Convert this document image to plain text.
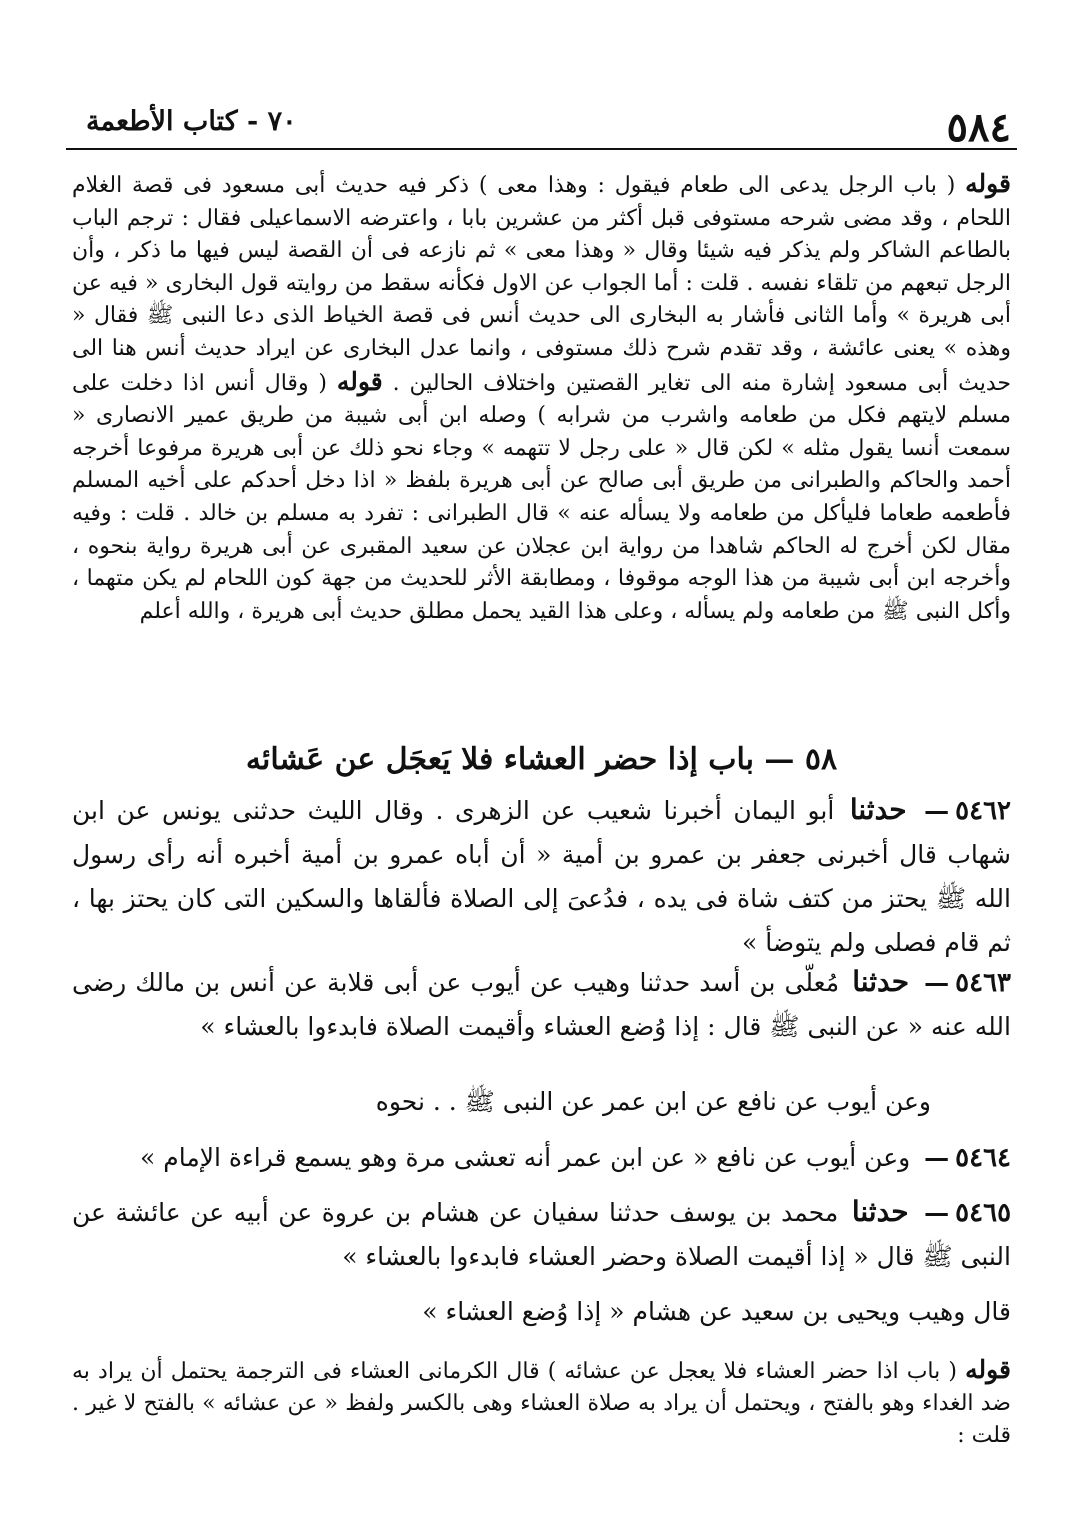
٥٨٤
٧٠ - كتاب الأطعمة
قوله ( باب الرجل يدعى الى طعام فيقول : وهذا معى ) ذكر فيه حديث أبى مسعود فى قصة الغلام اللحام ، وقد مضى شرحه مستوفى قبل أكثر من عشرين بابا ، واعترضه الاسماعيلى فقال : ترجم الباب بالطاعم الشاكر ولم يذكر فيه شيئا وقال « وهذا معى » ثم نازعه فى أن القصة ليس فيها ما ذكر ، وأن الرجل تبعهم من تلقاء نفسه . قلت : أما الجواب عن الاول فكأنه سقط من روايته قول البخارى « فيه عن أبى هريرة » وأما الثانى فأشار به البخارى الى حديث أنس فى قصة الخياط الذى دعا النبى ﷺ فقال « وهذه » يعنى عائشة ، وقد تقدم شرح ذلك مستوفى ، وانما عدل البخارى عن ايراد حديث أنس هنا الى حديث أبى مسعود إشارة منه الى تغاير القصتين واختلاف الحالين . قوله ( وقال أنس اذا دخلت على مسلم لايتهم فكل من طعامه واشرب من شرابه ) وصله ابن أبى شيبة من طريق عمير الانصارى « سمعت أنسا يقول مثله » لكن قال « على رجل لا تتهمه » وجاء نحو ذلك عن أبى هريرة مرفوعا أخرجه أحمد والحاكم والطبرانى من طريق أبى صالح عن أبى هريرة بلفظ « اذا دخل أحدكم على أخيه المسلم فأطعمه طعاما فليأكل من طعامه ولا يسأله عنه » قال الطبرانى : تفرد به مسلم بن خالد . قلت : وفيه مقال لكن أخرج له الحاكم شاهدا من رواية ابن عجلان عن سعيد المقبرى عن أبى هريرة رواية بنحوه ، وأخرجه ابن أبى شيبة من هذا الوجه موقوفا ، ومطابقة الأثر للحديث من جهة كون اللحام لم يكن متهما ، وأكل النبى ﷺ من طعامه ولم يسأله ، وعلى هذا القيد يحمل مطلق حديث أبى هريرة ، والله أعلم
٥٨ — باب إذا حضر العشاء فلا يَعجَل عن عَشائه
٥٤٦٢— حدثنا أبو اليمان أخبرنا شعيب عن الزهرى . وقال الليث حدثنى يونس عن ابن شهاب قال أخبرنى جعفر بن عمرو بن أمية « أن أباه عمرو بن أمية أخبره أنه رأى رسول الله ﷺ يحتز من كتف شاة فى يده ، فدُعىَ إلى الصلاة فألقاها والسكين التى كان يحتز بها ، ثم قام فصلى ولم يتوضأ »
٥٤٦٣— حدثنا مُعلّى بن أسد حدثنا وهيب عن أيوب عن أبى قلابة عن أنس بن مالك رضى الله عنه « عن النبى ﷺ قال : إذا وُضع العشاء وأقيمت الصلاة فابدءوا بالعشاء »
وعن أيوب عن نافع عن ابن عمر عن النبى ﷺ . . نحوه
٥٤٦٤— وعن أيوب عن نافع « عن ابن عمر أنه تعشى مرة وهو يسمع قراءة الإمام »
٥٤٦٥— حدثنا محمد بن يوسف حدثنا سفيان عن هشام بن عروة عن أبيه عن عائشة عن النبى ﷺ قال « إذا أقيمت الصلاة وحضر العشاء فابدءوا بالعشاء »
قال وهيب ويحيى بن سعيد عن هشام « إذا وُضع العشاء »
قوله ( باب اذا حضر العشاء فلا يعجل عن عشائه ) قال الكرمانى العشاء فى الترجمة يحتمل أن يراد به ضد الغداء وهو بالفتح ، ويحتمل أن يراد به صلاة العشاء وهى بالكسر ولفظ « عن عشائه » بالفتح لا غير . قلت :
